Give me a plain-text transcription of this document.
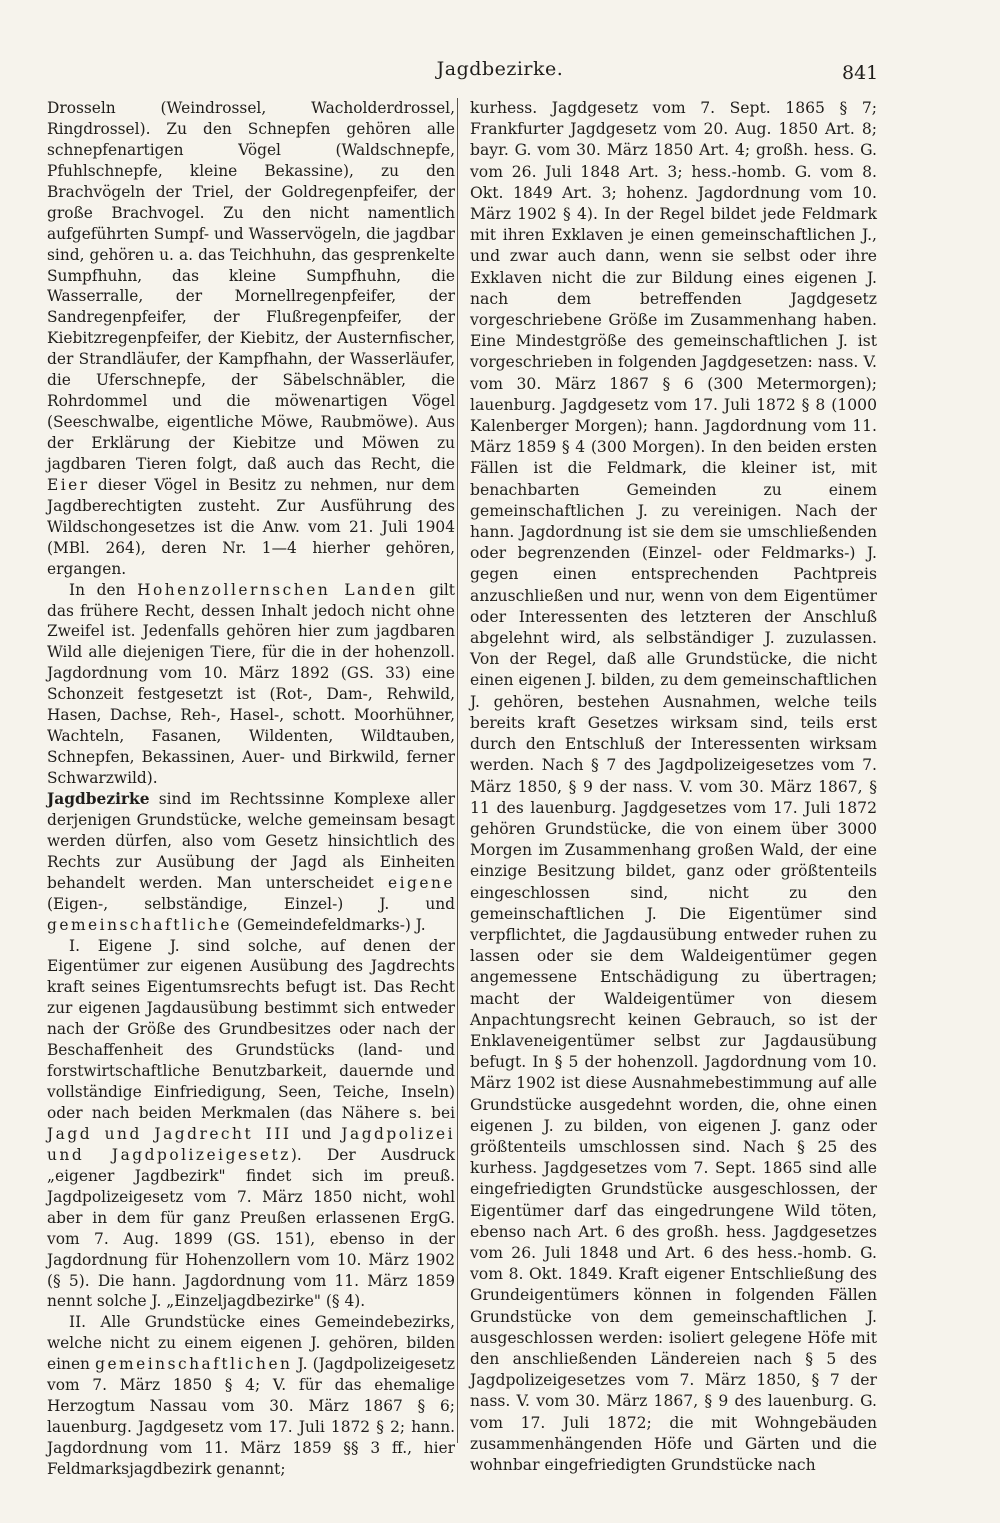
Jagdbezirke.	841

Drosseln (Weindrossel, Wacholderdrossel, Ringdrossel). Zu den Schnepfen gehören alle schnepfenartigen Vögel (Waldschnepfe, Pfuhlschnepfe, kleine Bekassine), zu den Brachvögeln der Triel, der Goldregenpfeifer, der große Brachvogel. Zu den nicht namentlich aufgeführten Sumpf- und Wasservögeln, die jagdbar sind, gehören u. a. das Teichhuhn, das gesprenkelte Sumpfhuhn, das kleine Sumpfhuhn, die Wasserralle, der Mornellregenpfeifer, der Sandregenpfeifer, der Flußregenpfeifer, der Kiebitzregenpfeifer, der Kiebitz, der Austernfischer, der Strandläufer, der Kampfhahn, der Wasserläufer, die Uferschnepfe, der Säbelschnäbler, die Rohrdommel und die möwenartigen Vögel (Seeschwalbe, eigentliche Möwe, Raubmöwe). Aus der Erklärung der Kiebitze und Möwen zu jagdbaren Tieren folgt, daß auch das Recht, die Eier dieser Vögel in Besitz zu nehmen, nur dem Jagdberechtigten zusteht. Zur Ausführung des Wildschongesetzes ist die Anw. vom 21. Juli 1904 (MBl. 264), deren Nr. 1—4 hierher gehören, ergangen.

In den Hohenzollernschen Landen gilt das frühere Recht, dessen Inhalt jedoch nicht ohne Zweifel ist. Jedenfalls gehören hier zum jagdbaren Wild alle diejenigen Tiere, für die in der hohenzoll. Jagdordnung vom 10. März 1892 (GS. 33) eine Schonzeit festgesetzt ist (Rot-, Dam-, Rehwild, Hasen, Dachse, Reh-, Hasel-, schott. Moorhühner, Wachteln, Fasanen, Wildenten, Wildtauben, Schnepfen, Bekassinen, Auer- und Birkwild, ferner Schwarzwild).

Jagdbezirke sind im Rechtssinne Komplexe aller derjenigen Grundstücke, welche gemeinsam besagt werden dürfen, also vom Gesetz hinsichtlich des Rechts zur Ausübung der Jagd als Einheiten behandelt werden. Man unterscheidet eigene (Eigen-, selbständige, Einzel-) J. und gemeinschaftliche (Gemeindefeldmarks-) J.

I. Eigene J. sind solche, auf denen der Eigentümer zur eigenen Ausübung des Jagdrechts kraft seines Eigentumsrechts befugt ist. Das Recht zur eigenen Jagdausübung bestimmt sich entweder nach der Größe des Grundbesitzes oder nach der Beschaffenheit des Grundstücks (land- und forstwirtschaftliche Benutzbarkeit, dauernde und vollständige Einfriedigung, Seen, Teiche, Inseln) oder nach beiden Merkmalen (das Nähere s. bei Jagd und Jagdrecht III und Jagdpolizei und Jagdpolizeigesetz). Der Ausdruck „eigener Jagdbezirk" findet sich im preuß. Jagdpolizeigesetz vom 7. März 1850 nicht, wohl aber in dem für ganz Preußen erlassenen ErgG. vom 7. Aug. 1899 (GS. 151), ebenso in der Jagdordnung für Hohenzollern vom 10. März 1902 (§ 5). Die hann. Jagdordnung vom 11. März 1859 nennt solche J. „Einzeljagdbezirke" (§ 4).

II. Alle Grundstücke eines Gemeindebezirks, welche nicht zu einem eigenen J. gehören, bilden einen gemeinschaftlichen J. (Jagdpolizeigesetz vom 7. März 1850 § 4; V. für das ehemalige Herzogtum Nassau vom 30. März 1867 § 6; lauenburg. Jagdgesetz vom 17. Juli 1872 § 2; hann. Jagdordnung vom 11. März 1859 §§ 3 ff., hier Feldmarksjagdbezirk genannt;

kurhess. Jagdgesetz vom 7. Sept. 1865 § 7; Frankfurter Jagdgesetz vom 20. Aug. 1850 Art. 8; bayr. G. vom 30. März 1850 Art. 4; großh. hess. G. vom 26. Juli 1848 Art. 3; hess.-homb. G. vom 8. Okt. 1849 Art. 3; hohenz. Jagdordnung vom 10. März 1902 § 4). In der Regel bildet jede Feldmark mit ihren Exklaven je einen gemeinschaftlichen J., und zwar auch dann, wenn sie selbst oder ihre Exklaven nicht die zur Bildung eines eigenen J. nach dem betreffenden Jagdgesetz vorgeschriebene Größe im Zusammenhang haben. Eine Mindestgröße des gemeinschaftlichen J. ist vorgeschrieben in folgenden Jagdgesetzen: nass. V. vom 30. März 1867 § 6 (300 Metermorgen); lauenburg. Jagdgesetz vom 17. Juli 1872 § 8 (1000 Kalenberger Morgen); hann. Jagdordnung vom 11. März 1859 § 4 (300 Morgen). In den beiden ersten Fällen ist die Feldmark, die kleiner ist, mit benachbarten Gemeinden zu einem gemeinschaftlichen J. zu vereinigen. Nach der hann. Jagdordnung ist sie dem sie umschließenden oder begrenzenden (Einzel- oder Feldmarks-) J. gegen einen entsprechenden Pachtpreis anzuschließen und nur, wenn von dem Eigentümer oder Interessenten des letzteren der Anschluß abgelehnt wird, als selbständiger J. zuzulassen. Von der Regel, daß alle Grundstücke, die nicht einen eigenen J. bilden, zu dem gemeinschaftlichen J. gehören, bestehen Ausnahmen, welche teils bereits kraft Gesetzes wirksam sind, teils erst durch den Entschluß der Interessenten wirksam werden. Nach § 7 des Jagdpolizeigesetzes vom 7. März 1850, § 9 der nass. V. vom 30. März 1867, § 11 des lauenburg. Jagdgesetzes vom 17. Juli 1872 gehören Grundstücke, die von einem über 3000 Morgen im Zusammenhang großen Wald, der eine einzige Besitzung bildet, ganz oder größtenteils eingeschlossen sind, nicht zu den gemeinschaftlichen J. Die Eigentümer sind verpflichtet, die Jagdausübung entweder ruhen zu lassen oder sie dem Waldeigentümer gegen angemessene Entschädigung zu übertragen; macht der Waldeigentümer von diesem Anpachtungsrecht keinen Gebrauch, so ist der Enklaveneigentümer selbst zur Jagdausübung befugt. In § 5 der hohenzoll. Jagdordnung vom 10. März 1902 ist diese Ausnahmebestimmung auf alle Grundstücke ausgedehnt worden, die, ohne einen eigenen J. zu bilden, von eigenen J. ganz oder größtenteils umschlossen sind. Nach § 25 des kurhess. Jagdgesetzes vom 7. Sept. 1865 sind alle eingefriedigten Grundstücke ausgeschlossen, der Eigentümer darf das eingedrungene Wild töten, ebenso nach Art. 6 des großh. hess. Jagdgesetzes vom 26. Juli 1848 und Art. 6 des hess.-homb. G. vom 8. Okt. 1849. Kraft eigener Entschließung des Grundeigentümers können in folgenden Fällen Grundstücke von dem gemeinschaftlichen J. ausgeschlossen werden: isoliert gelegene Höfe mit den anschließenden Ländereien nach § 5 des Jagdpolizeigesetzes vom 7. März 1850, § 7 der nass. V. vom 30. März 1867, § 9 des lauenburg. G. vom 17. Juli 1872; die mit Wohngebäuden zusammenhängenden Höfe und Gärten und die wohnbar eingefriedigten Grundstücke nach
